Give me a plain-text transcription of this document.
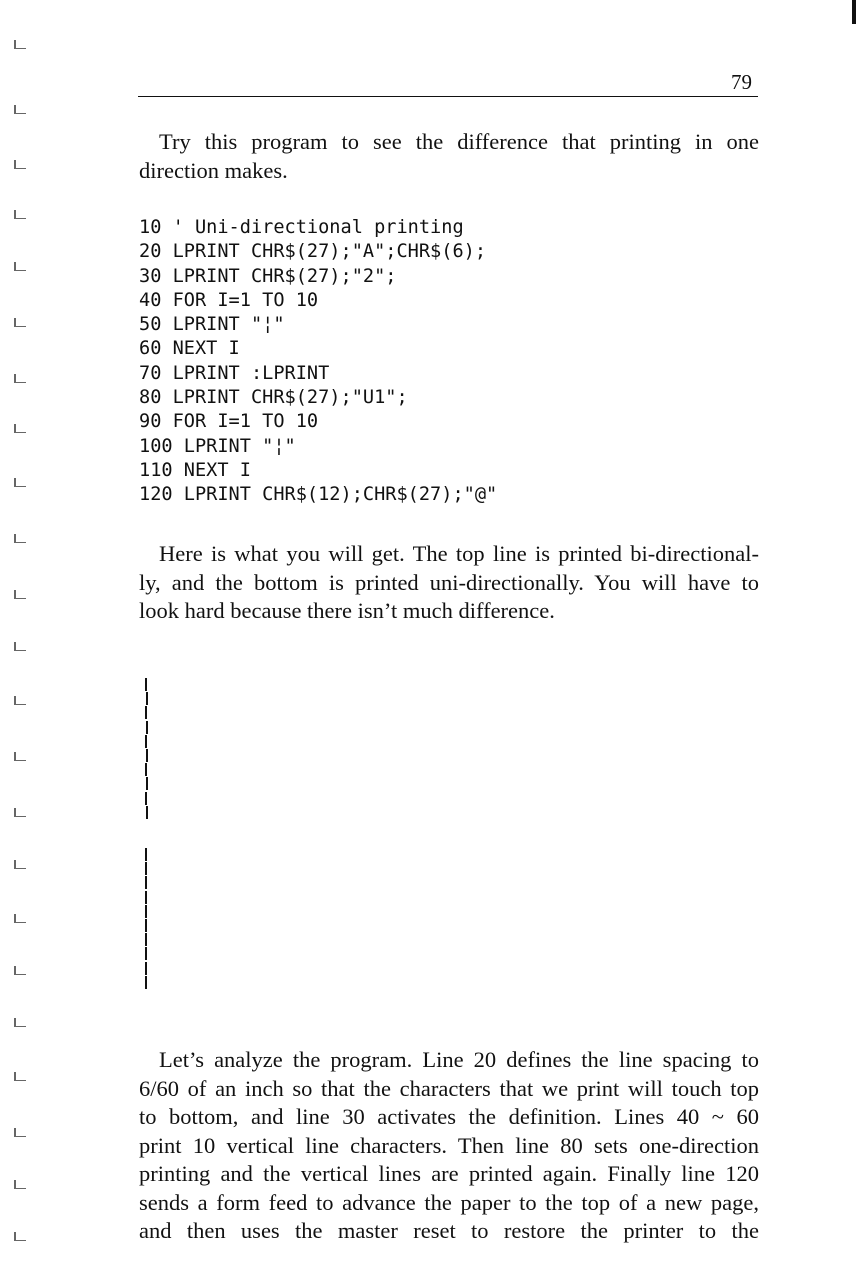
79
Try this program to see the difference that printing in one
direction makes.
10 ' Uni-directional printing
20 LPRINT CHR$(27);"A";CHR$(6);
30 LPRINT CHR$(27);"2";
40 FOR I=1 TO 10
50 LPRINT "¦"
60 NEXT I
70 LPRINT :LPRINT
80 LPRINT CHR$(27);"U1";
90 FOR I=1 TO 10
100 LPRINT "¦"
110 NEXT I
120 LPRINT CHR$(12);CHR$(27);"@"
Here is what you will get. The top line is printed bi-directional-
ly, and the bottom is printed uni-directionally. You will have to
look hard because there isn’t much difference.
Let’s analyze the program. Line 20 defines the line spacing to
6/60 of an inch so that the characters that we print will touch top
to bottom, and line 30 activates the definition. Lines 40 ~ 60
print 10 vertical line characters. Then line 80 sets one-direction
printing and the vertical lines are printed again. Finally line 120
sends a form feed to advance the paper to the top of a new page,
and then uses the master reset to restore the printer to the
